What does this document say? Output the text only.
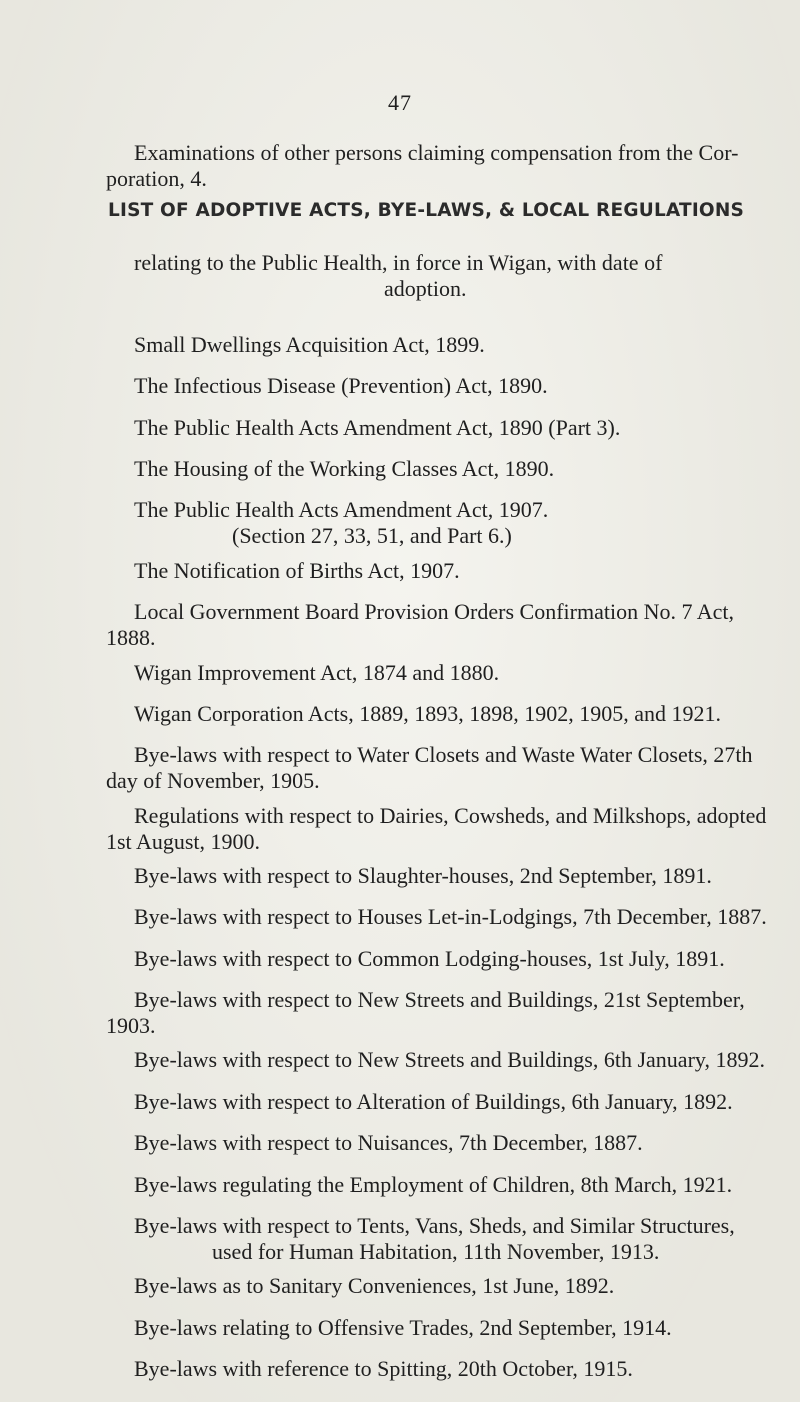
47
Examinations of other persons claiming compensation from the Cor-
poration, 4.
LIST OF ADOPTIVE ACTS, BYE-LAWS, & LOCAL REGULATIONS
relating to the Public Health, in force in Wigan, with date of
adoption.
Small Dwellings Acquisition Act, 1899.
The Infectious Disease (Prevention) Act, 1890.
The Public Health Acts Amendment Act, 1890 (Part 3).
The Housing of the Working Classes Act, 1890.
The Public Health Acts Amendment Act, 1907.
(Section 27, 33, 51, and Part 6.)
The Notification of Births Act, 1907.
Local Government Board Provision Orders Confirmation No. 7 Act,
1888.
Wigan Improvement Act, 1874 and 1880.
Wigan Corporation Acts, 1889, 1893, 1898, 1902, 1905, and 1921.
Bye-laws with respect to Water Closets and Waste Water Closets, 27th
day of November, 1905.
Regulations with respect to Dairies, Cowsheds, and Milkshops, adopted
1st August, 1900.
Bye-laws with respect to Slaughter-houses, 2nd September, 1891.
Bye-laws with respect to Houses Let-in-Lodgings, 7th December, 1887.
Bye-laws with respect to Common Lodging-houses, 1st July, 1891.
Bye-laws with respect to New Streets and Buildings, 21st September,
1903.
Bye-laws with respect to New Streets and Buildings, 6th January, 1892.
Bye-laws with respect to Alteration of Buildings, 6th January, 1892.
Bye-laws with respect to Nuisances, 7th December, 1887.
Bye-laws regulating the Employment of Children, 8th March, 1921.
Bye-laws with respect to Tents, Vans, Sheds, and Similar Structures,
used for Human Habitation, 11th November, 1913.
Bye-laws as to Sanitary Conveniences, 1st June, 1892.
Bye-laws relating to Offensive Trades, 2nd September, 1914.
Bye-laws with reference to Spitting, 20th October, 1915.
